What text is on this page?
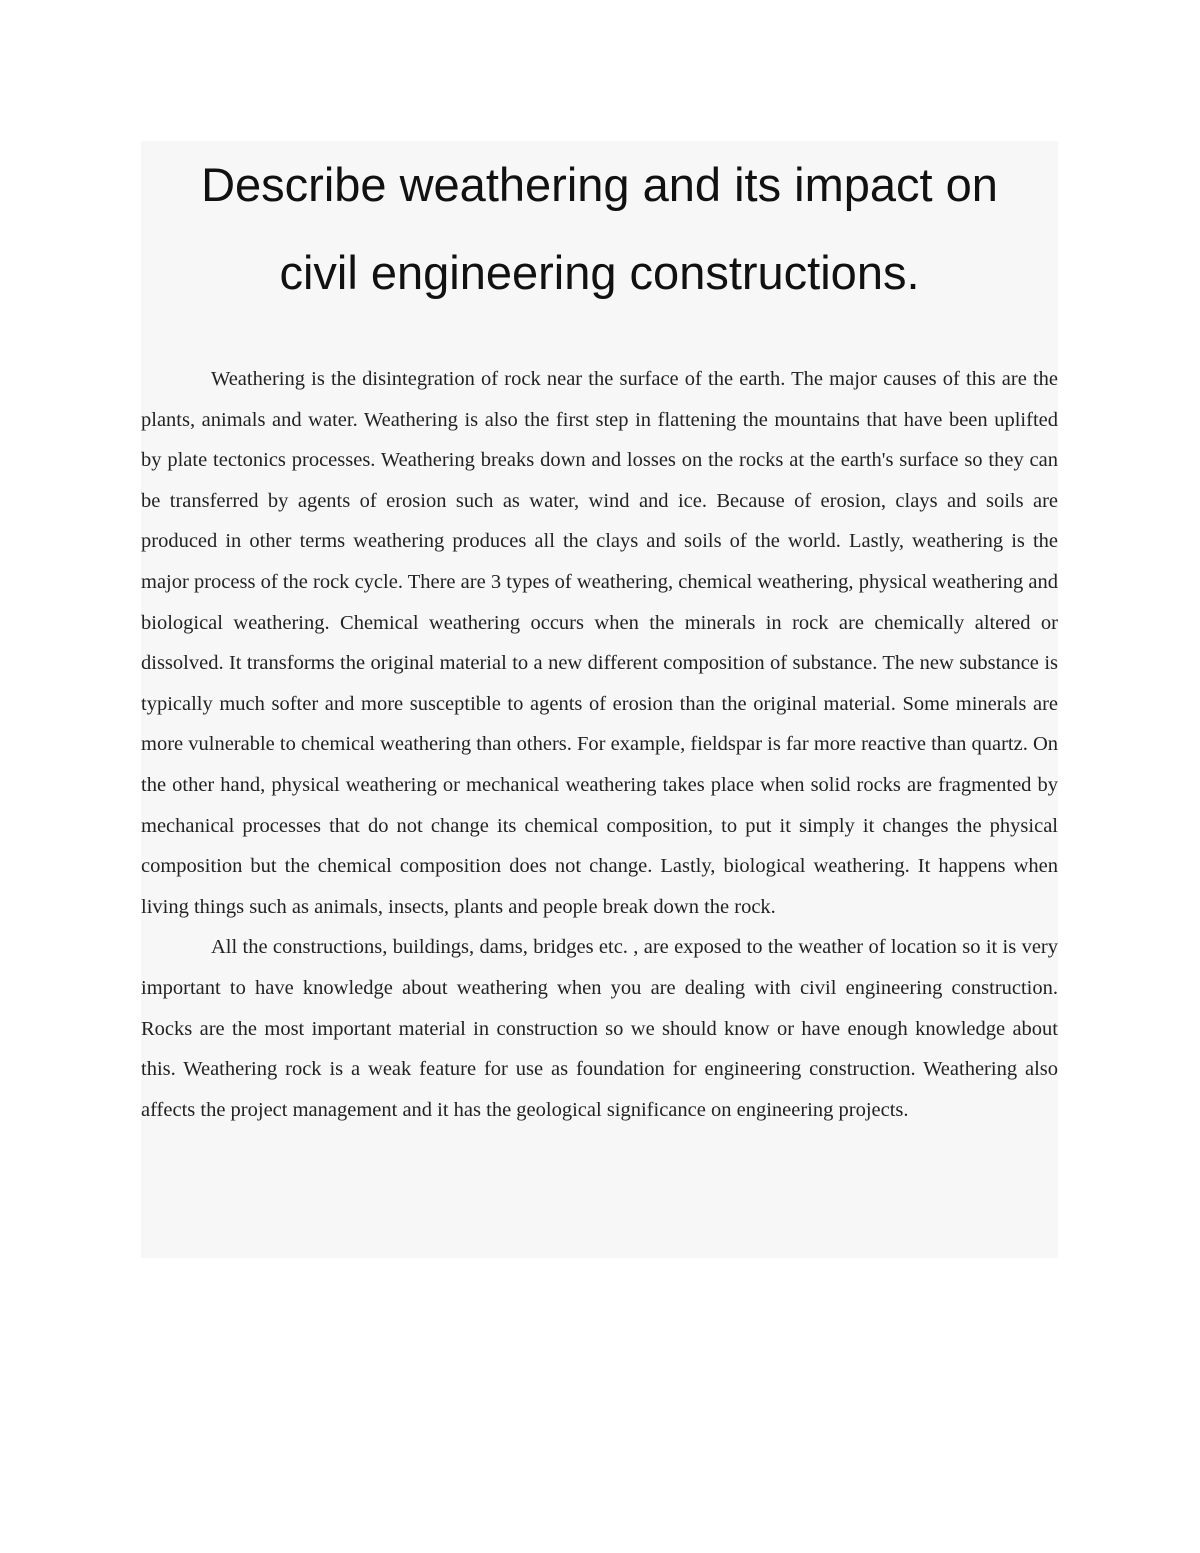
Describe weathering and its impact on
civil engineering constructions.

Weathering is the disintegration of rock near the surface of the earth. The major causes of this are the plants, animals and water. Weathering is also the first step in flattening the mountains that have been uplifted by plate tectonics processes. Weathering breaks down and losses on the rocks at the earth's surface so they can be transferred by agents of erosion such as water, wind and ice. Because of erosion, clays and soils are produced in other terms weathering produces all the clays and soils of the world. Lastly, weathering is the major process of the rock cycle. There are 3 types of weathering, chemical weathering, physical weathering and biological weathering. Chemical weathering occurs when the minerals in rock are chemically altered or dissolved. It transforms the original material to a new different composition of substance. The new substance is typically much softer and more susceptible to agents of erosion than the original material. Some minerals are more vulnerable to chemical weathering than others. For example, fieldspar is far more reactive than quartz. On the other hand, physical weathering or mechanical weathering takes place when solid rocks are fragmented by mechanical processes that do not change its chemical composition, to put it simply it changes the physical composition but the chemical composition does not change. Lastly, biological weathering. It happens when living things such as animals, insects, plants and people break down the rock.

All the constructions, buildings, dams, bridges etc. , are exposed to the weather of location so it is very important to have knowledge about weathering when you are dealing with civil engineering construction. Rocks are the most important material in construction so we should know or have enough knowledge about this. Weathering rock is a weak feature for use as foundation for engineering construction. Weathering also affects the project management and it has the geological significance on engineering projects.
